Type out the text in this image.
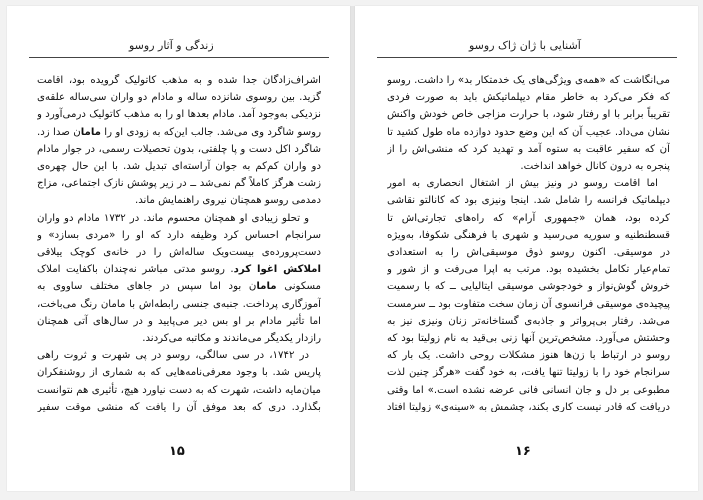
آشنایی با ژان ژاک روسو

می‌انگاشت که «همه‌ی ویژگی‌های یک خدمتکار بد» را داشت. روسو که فکر می‌کرد به خاطر مقام دیپلماتیکش باید به صورت فردی تقریباً برابر با او رفتار شود، با حرارت مزاجی خاص خودش واکنش نشان می‌داد. عجیب آن که این وضع حدود دوازده ماه طول کشید تا آن که سفیر عاقبت به ستوه آمد و تهدید کرد که منشی‌اش را از پنجره به درون کانال خواهد انداخت.

اما اقامت روسو در ونیز بیش از اشتغال انحصاری به امور دیپلماتیک فرانسه را شامل شد. اینجا ونیزی بود که کانالتو نقاشی کرده بود، همان «جمهوری آرام» که راه‌های تجارتی‌اش تا قسطنطنیه و سوریه می‌رسید و شهری با فرهنگی شکوفا، به‌ویژه در موسیقی. اکنون روسو ذوق موسیقی‌اش را به استعدادی تمام‌عیار تکامل بخشیده بود. مرتب به اپرا می‌رفت و از شور و خروش گوش‌نواز و خودجوشی موسیقی ایتالیایی ــ که با رسمیت پیچیده‌ی موسیقی فرانسوی آن زمان سخت متفاوت بود ــ سرمست می‌شد. رفتار بی‌پروا‌تر و جاذبه‌ی گستاخانه‌تر زنان ونیزی نیز به وحشتش می‌آورد. مشخص‌ترین آنها زنی بی‌قید به نام زولیتا بود که روسو در ارتباط با زن‌ها هنوز مشکلات روحی داشت. یک بار که سرانجام خود را با زولیتا تنها یافت، به خود گفت «هرگز چنین لذت مطبوعی بر دل و جان انسانی فانی عرضه نشده است.» اما وقتی دریافت که قادر نیست کاری بکند، چشمش به «سینه‌ی» زولیتا افتاد

۱۶
زندگی و آثار روسو

اشراف‌زادگان جدا شده و به مذهب کاتولیک گرویده بود، اقامت گزید. بین روسوی شانزده ساله و مادام دو واران سی‌ساله علقه‌ی نزدیکی به‌وجود آمد. مادام بعدها او را به مذهب کاتولیک درمی‌آورد و روسو شاگرد وی می‌شد. جالب این‌که به زودی او را مامان صدا زد. شاگرد اکل دست و پا چلفتی، بدون تحصیلات رسمی، در جوار مادام دو واران کم‌کم به جوان آراسته‌ای تبدیل شد. با این حال چهره‌ی زشت هرگز کاملاً گم نمی‌شد ــ در زیر پوشش نازک اجتماعی، مزاج دمدمی روسو همچنان نیروی راهنمایش ماند.

و تحلو زیبادی او همچنان محسوم ماند. در ۱۷۳۲ مادام دو واران سرانجام احساس کرد وظیفه دارد که او را «مردی بسازد» و دست‌پرورده‌ی بیست‌ویک ساله‌اش را در خانه‌ی کوچک ییلاقی املاکش اغوا کرد. روسو مدتی مباشر نه‌چندان باکفایت املاک مسکونی مامان بود اما سپس در جاهای مختلف ساووی به آموزگاری پرداخت. جنبه‌ی جنسی رابطه‌اش با ماما‌ن رنگ می‌باخت، اما تأثیر مادام بر او بس دیر می‌پایید و در سال‌های آتی همچنان رازدار یکدیگر می‌ماندند و مکاتبه می‌کردند.

در ۱۷۴۲، در سی سالگی، روسو در پی شهرت و ثروت راهی پاریس شد. با وجود معرفی‌نامه‌هایی که به شماری از روشنفکران میان‌مایه داشت، شهرت که به دست نیاورد هیچ، تأثیری هم نتوانست بگذارد. دری که بعد موفق آن را یافت که منشی موقت سفیر

۱۵
